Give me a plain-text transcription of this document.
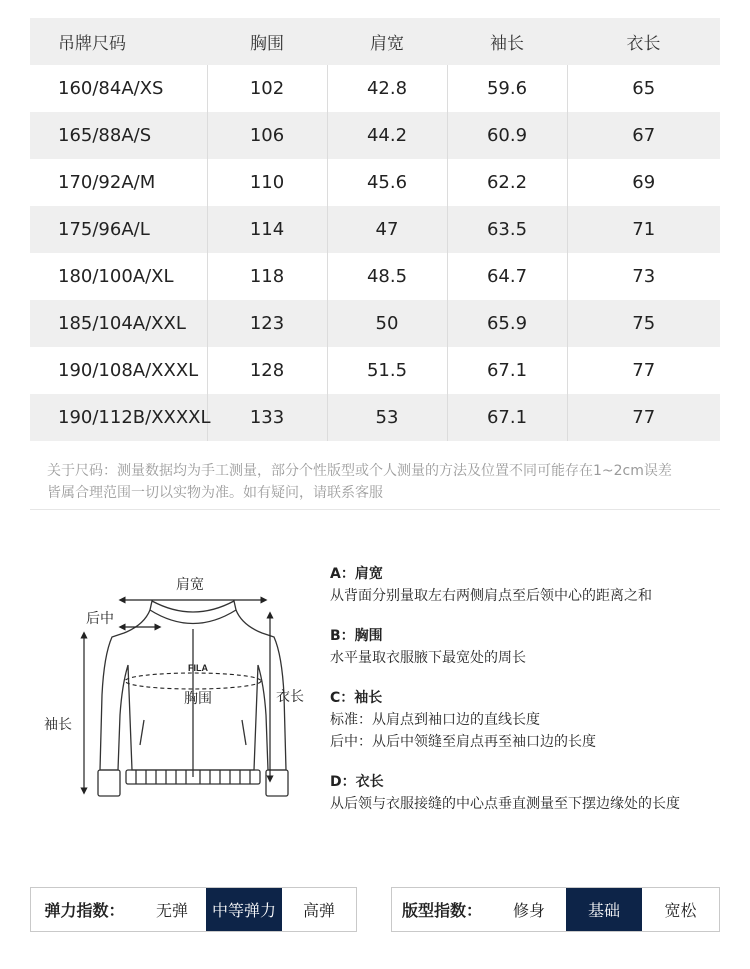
吊牌尺码	胸围	肩宽	袖长	衣长
160/84A/XS	102	42.8	59.6	65
165/88A/S	106	44.2	60.9	67
170/92A/M	110	45.6	62.2	69
175/96A/L	114	47	63.5	71
180/100A/XL	118	48.5	64.7	73
185/104A/XXL	123	50	65.9	75
190/108A/XXXL	128	51.5	67.1	77
190/112B/XXXXL	133	53	67.1	77
关于尺码：测量数据均为手工测量，部分个性版型或个人测量的方法及位置不同可能存在1~2cm误差
皆属合理范围一切以实物为准。如有疑问，请联系客服
FILA
肩宽
后中
胸围	衣长
袖长
A：肩宽
从背面分别量取左右两侧肩点至后领中心的距离之和
B：胸围
水平量取衣服腋下最宽处的周长
C：袖长
标准：从肩点到袖口边的直线长度
后中：从后中领缝至肩点再至袖口边的长度
D：衣长
从后领与衣服接缝的中心点垂直测量至下摆边缘处的长度
弹力指数：	无弹	中等弹力	高弹	版型指数：	修身	基础	宽松
